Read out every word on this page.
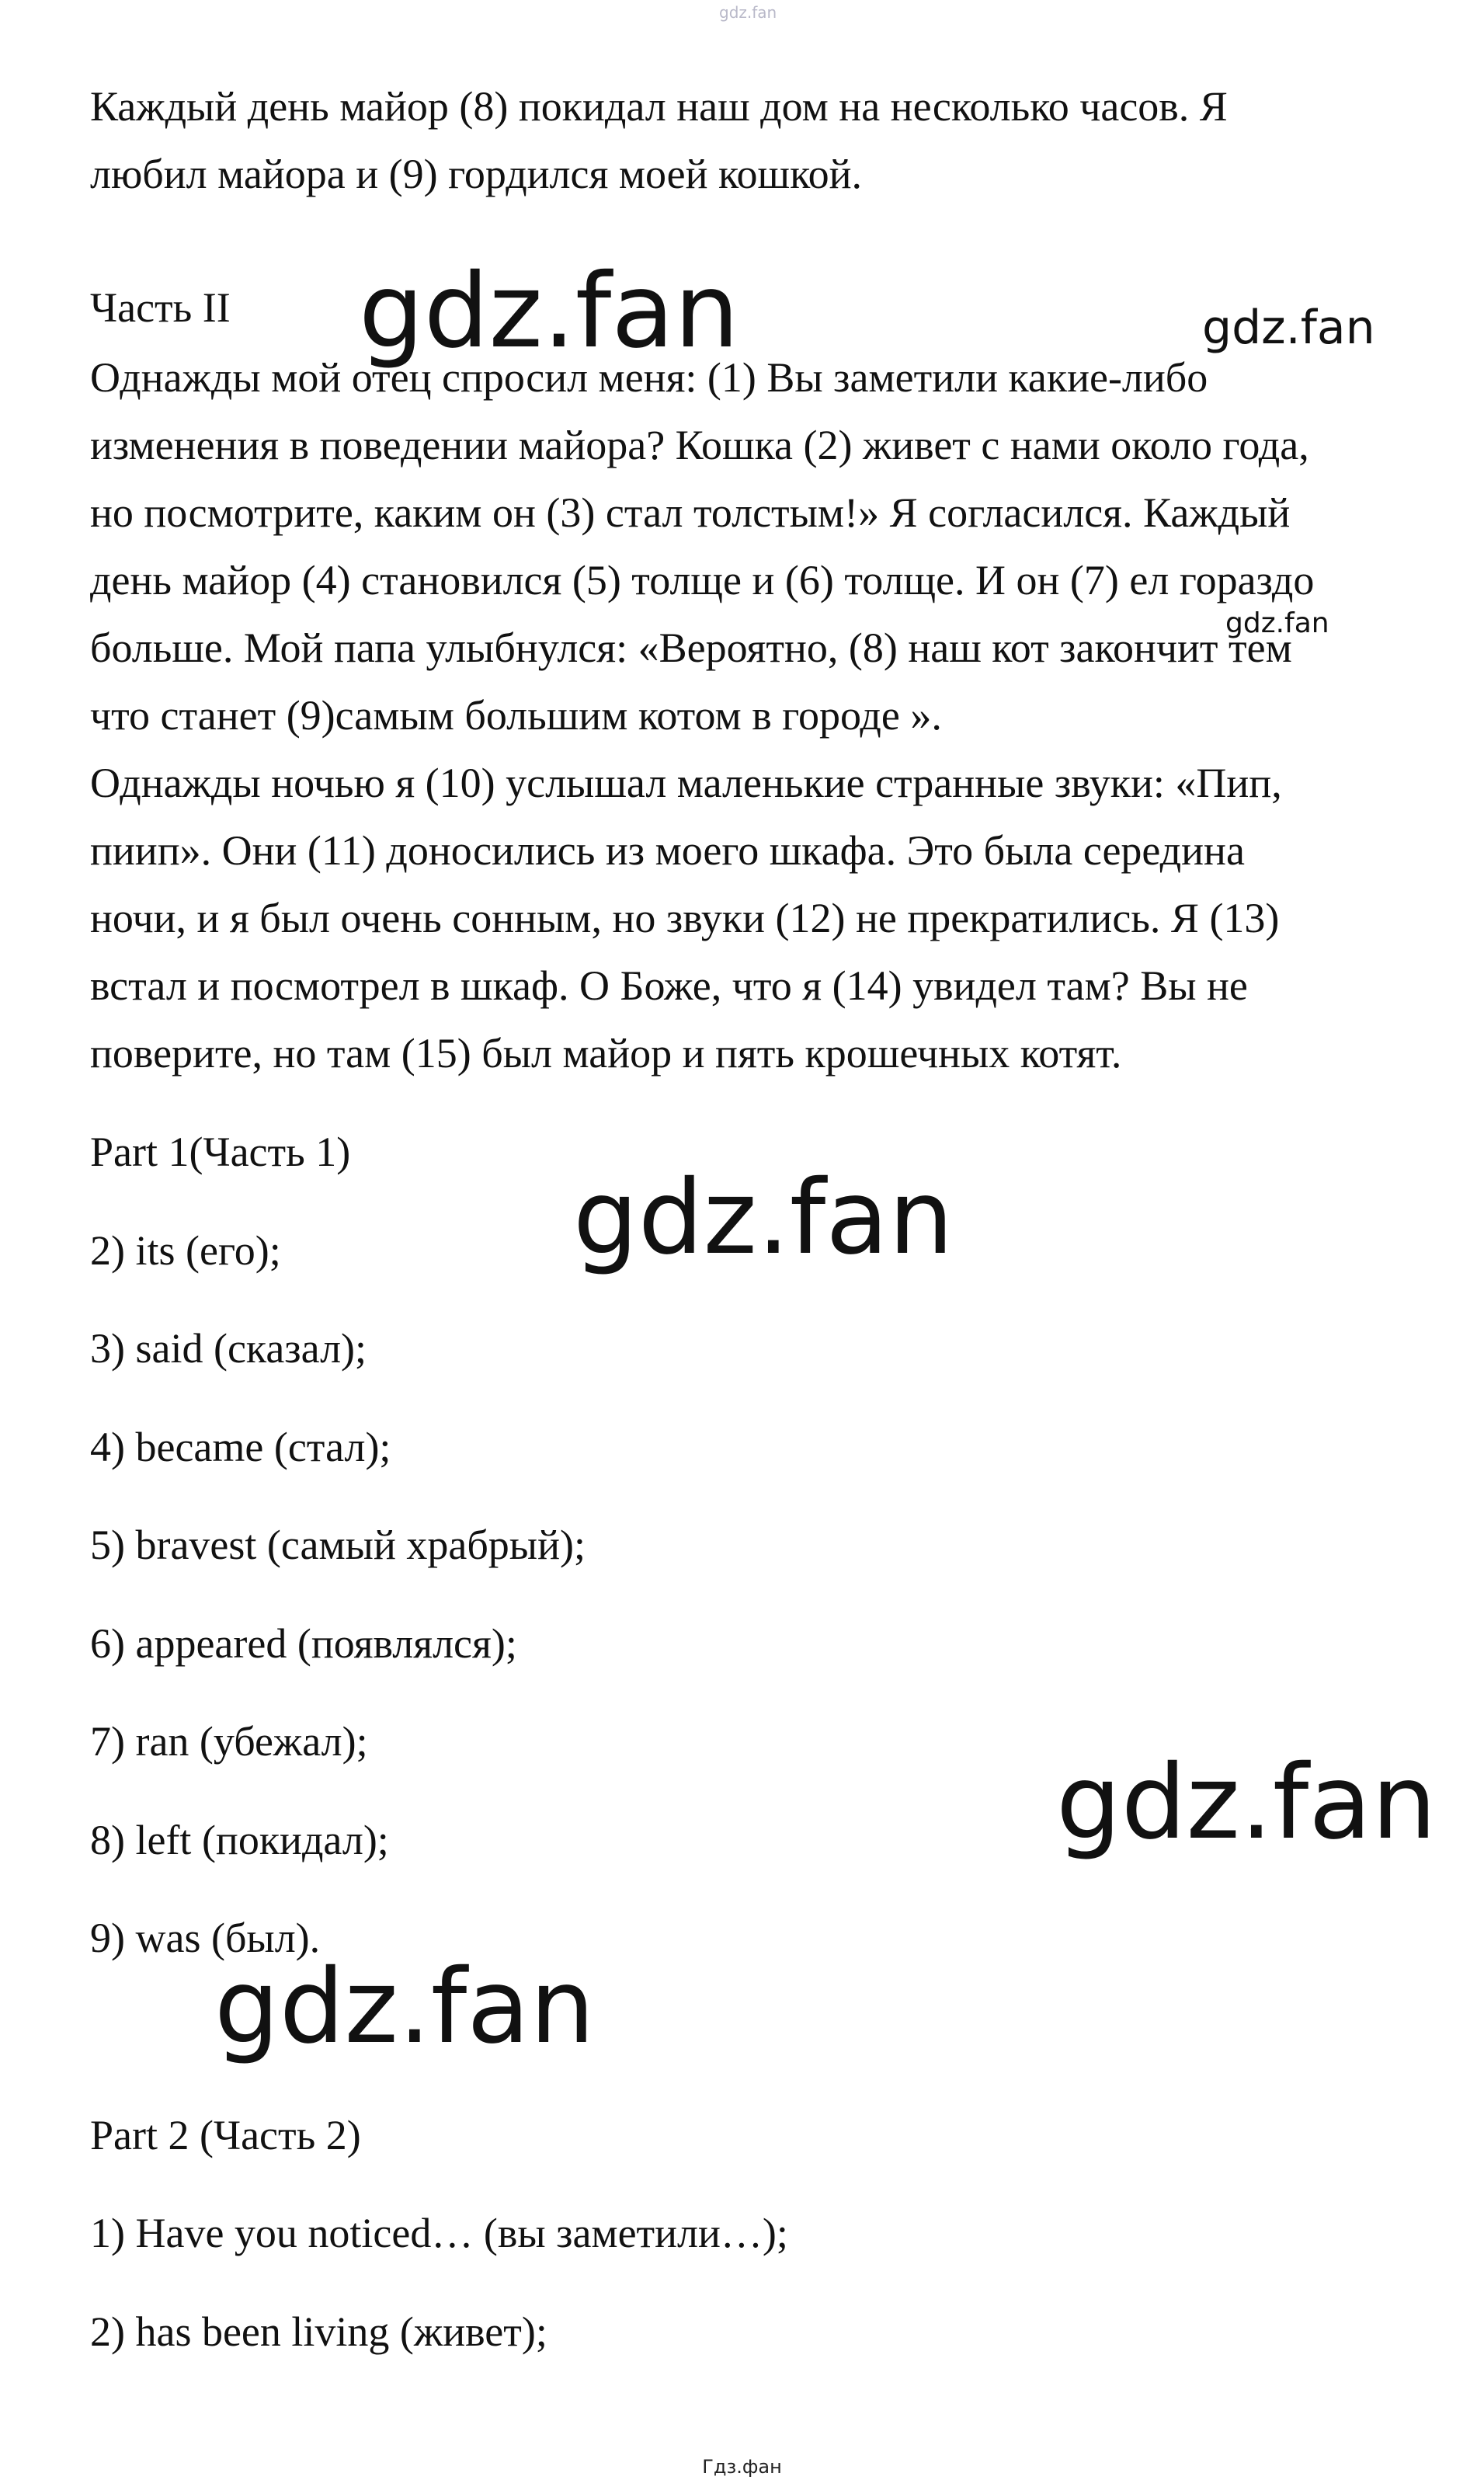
gdz.fan
Каждый день майор (8) покидал наш дом на несколько часов. Я
любил майора и (9) гордился моей кошкой.
Часть II gdz.fan	gdz.fan
Однажды мой отец спросил меня: (1) Вы заметили какие-либо
изменения в поведении майора? Кошка (2) живет с нами около года,
но посмотрите, каким он (3) стал толстым!» Я согласился. Каждый
день майор (4) становился (5) толще и (6) толще. И он (7) ел гораздо
gdz.fan
больше. Мой папа улыбнулся: «Вероятно, (8) наш кот закончит тем
что станет (9)самым большим котом в городе ».
Однажды ночью я (10) услышал маленькие странные звуки: «Пип,
пиип». Они (11) доносились из моего шкафа. Это была середина
ночи, и я был очень сонным, но звуки (12) не прекратились. Я (13)
встал и посмотрел в шкаф. О Боже, что я (14) увидел там? Вы не
поверите, но там (15) был майор и пять крошечных котят.
Part 1(Часть 1)
gdz.fan
2) its (его);
3) said (сказал);
4) became (стал);
5) bravest (самый храбрый);
6) appeared (появлялся);
7) ran (убежал);
gdz.fan
8) left (покидал);
9) was (был).
gdz.fan
Part 2 (Часть 2)
1) Have you noticed… (вы заметили…);
2) has been living (живет);
Гдз.фан
